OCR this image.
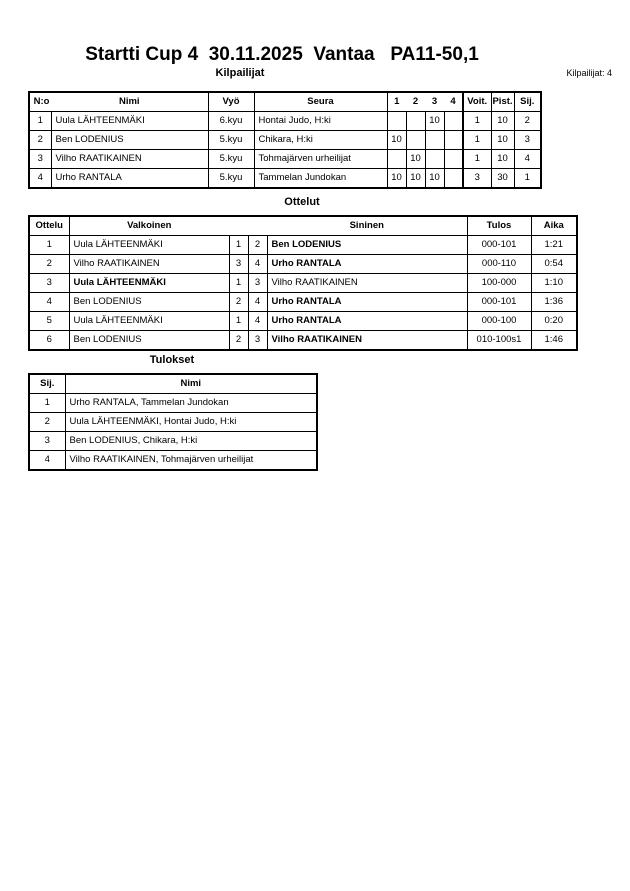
Startti Cup 4  30.11.2025  Vantaa   PA11-50,1
Kilpailijat	Kilpailijat: 4
N:o	Nimi	Vyö	Seura	1	2	3	4	Voit.	Pist.	Sij.
1	Uula LÄHTEENMÄKI	6.kyu	Hontai Judo, H:ki			10		1	10	2
2	Ben LODENIUS	5.kyu	Chikara, H:ki	10				1	10	3
3	Vilho RAATIKAINEN	5.kyu	Tohmajärven urheilijat		10			1	10	4
4	Urho RANTALA	5.kyu	Tammelan Jundokan	10	10	10		3	30	1
Ottelut
Ottelu	Valkoinen			Sininen	Tulos	Aika
1	Uula LÄHTEENMÄKI	1	2	Ben LODENIUS	000-101	1:21
2	Vilho RAATIKAINEN	3	4	Urho RANTALA	000-110	0:54
3	Uula LÄHTEENMÄKI	1	3	Vilho RAATIKAINEN	100-000	1:10
4	Ben LODENIUS	2	4	Urho RANTALA	000-101	1:36
5	Uula LÄHTEENMÄKI	1	4	Urho RANTALA	000-100	0:20
6	Ben LODENIUS	2	3	Vilho RAATIKAINEN	010-100s1	1:46
Tulokset
Sij.	Nimi
1	Urho RANTALA, Tammelan Jundokan
2	Uula LÄHTEENMÄKI, Hontai Judo, H:ki
3	Ben LODENIUS, Chikara, H:ki
4	Vilho RAATIKAINEN, Tohmajärven urheilijat
